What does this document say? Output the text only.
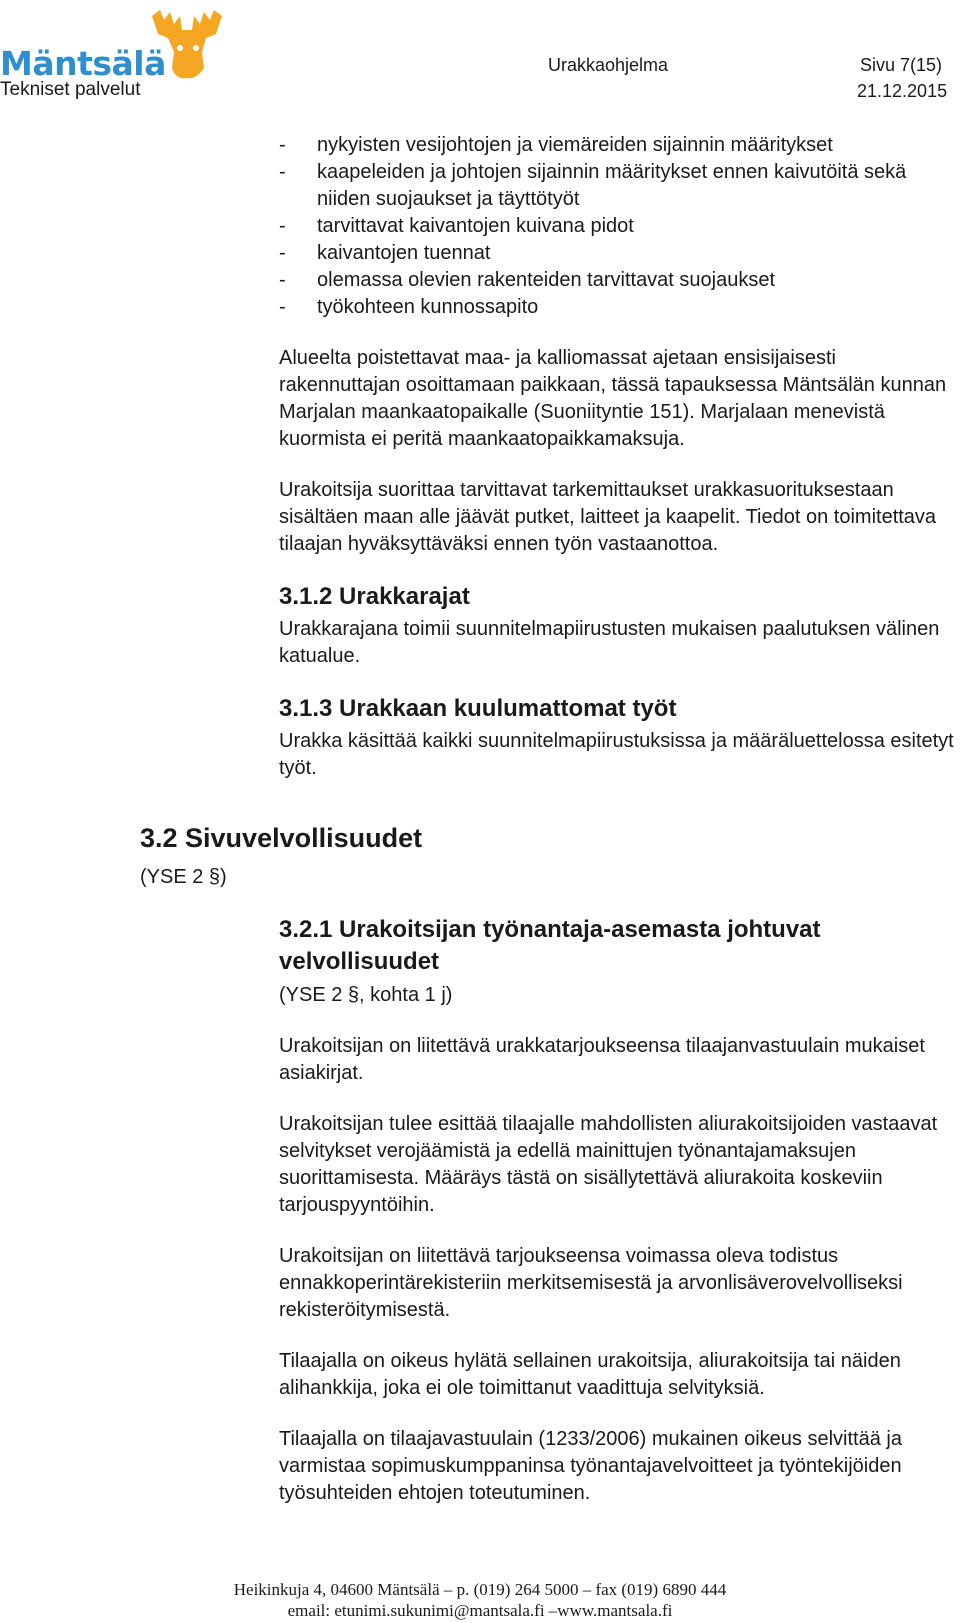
Mäntsälä
Tekniset palvelut
Urakkaohjelma	Sivu 7(15)
21.12.2015
- nykyisten vesijohtojen ja viemäreiden sijainnin määritykset
- kaapeleiden ja johtojen sijainnin määritykset ennen kaivutöitä sekä niiden suojaukset ja täyttötyöt
- tarvittavat kaivantojen kuivana pidot
- kaivantojen tuennat
- olemassa olevien rakenteiden tarvittavat suojaukset
- työkohteen kunnossapito

Alueelta poistettavat maa- ja kalliomassat ajetaan ensisijaisesti rakennuttajan osoittamaan paikkaan, tässä tapauksessa Mäntsälän kunnan Marjalan maankaatopaikalle (Suoniityntie 151). Marjalaan menevistä kuormista ei peritä maankaatopaikkamaksuja.

Urakoitsija suorittaa tarvittavat tarkemittaukset urakkasuorituksestaan sisältäen maan alle jäävät putket, laitteet ja kaapelit. Tiedot on toimitettava tilaajan hyväksyttäväksi ennen työn vastaanottoa.

3.1.2 Urakkarajat

Urakkarajana toimii suunnitelmapiirustusten mukaisen paalutuksen välinen katualue.

3.1.3 Urakkaan kuulumattomat työt

Urakka käsittää kaikki suunnitelmapiirustuksissa ja määräluettelossa esitetyt työt.

3.2 Sivuvelvollisuudet
(YSE 2 §)
3.2.1 Urakoitsijan työnantaja-asemasta johtuvat velvollisuudet

(YSE 2 §, kohta 1 j)

Urakoitsijan on liitettävä urakkatarjoukseensa tilaajanvastuulain mukaiset asiakirjat.

Urakoitsijan tulee esittää tilaajalle mahdollisten aliurakoitsijoiden vastaavat selvitykset verojäämistä ja edellä mainittujen työnantajamaksujen suorittamisesta. Määräys tästä on sisällytettävä aliurakoita koskeviin tarjouspyyntöihin.

Urakoitsijan on liitettävä tarjoukseensa voimassa oleva todistus ennakkoperintärekisteriin merkitsemisestä ja arvonlisäverovelvolliseksi rekisteröitymisestä.

Tilaajalla on oikeus hylätä sellainen urakoitsija, aliurakoitsija tai näiden alihankkija, joka ei ole toimittanut vaadittuja selvityksiä.

Tilaajalla on tilaajavastuulain (1233/2006) mukainen oikeus selvittää ja varmistaa sopimuskumppaninsa työnantajavelvoitteet ja työntekijöiden työsuhteiden ehtojen toteutuminen.

Heikinkuja 4, 04600 Mäntsälä – p. (019) 264 5000 – fax (019) 6890 444
email: etunimi.sukunimi@mantsala.fi –www.mantsala.fi
